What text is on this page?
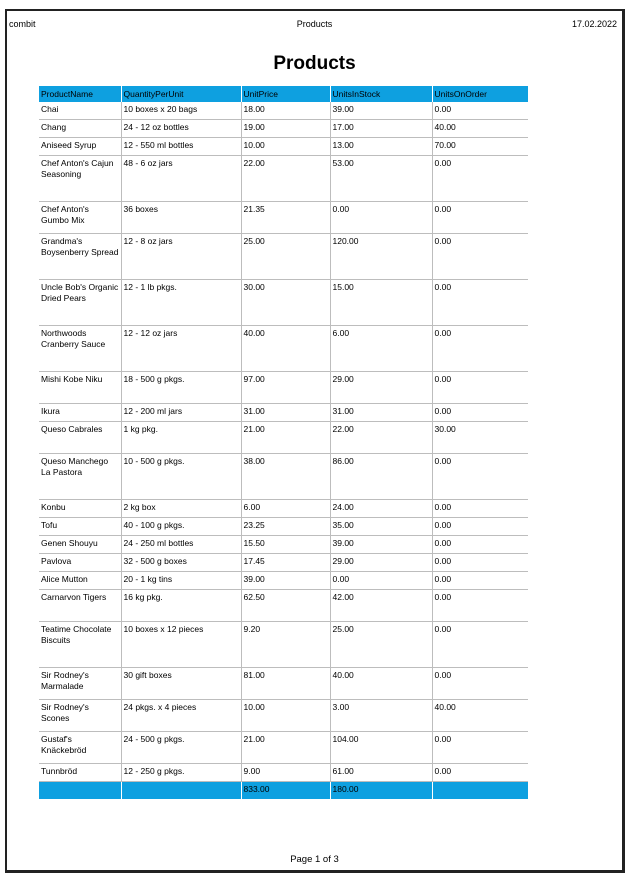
combit	Products	17.02.2022
Products
ProductName	QuantityPerUnit	UnitPrice	UnitsInStock	UnitsOnOrder
Chai	10 boxes x 20 bags	18.00	39.00	0.00
Chang	24 - 12 oz bottles	19.00	17.00	40.00
Aniseed Syrup	12 - 550 ml bottles	10.00	13.00	70.00
Chef Anton's Cajun Seasoning	48 - 6 oz jars	22.00	53.00	0.00
Chef Anton's Gumbo Mix	36 boxes	21.35	0.00	0.00
Grandma's Boysenberry Spread	12 - 8 oz jars	25.00	120.00	0.00
Uncle Bob's Organic Dried Pears	12 - 1 lb pkgs.	30.00	15.00	0.00
Northwoods Cranberry Sauce	12 - 12 oz jars	40.00	6.00	0.00
Mishi Kobe Niku	18 - 500 g pkgs.	97.00	29.00	0.00
Ikura	12 - 200 ml jars	31.00	31.00	0.00
Queso Cabrales	1 kg pkg.	21.00	22.00	30.00
Queso Manchego La Pastora	10 - 500 g pkgs.	38.00	86.00	0.00
Konbu	2 kg box	6.00	24.00	0.00
Tofu	40 - 100 g pkgs.	23.25	35.00	0.00
Genen Shouyu	24 - 250 ml bottles	15.50	39.00	0.00
Pavlova	32 - 500 g boxes	17.45	29.00	0.00
Alice Mutton	20 - 1 kg tins	39.00	0.00	0.00
Carnarvon Tigers	16 kg pkg.	62.50	42.00	0.00
Teatime Chocolate Biscuits	10 boxes x 12 pieces	9.20	25.00	0.00
Sir Rodney's Marmalade	30 gift boxes	81.00	40.00	0.00
Sir Rodney's Scones	24 pkgs. x 4 pieces	10.00	3.00	40.00
Gustaf's Knäckebröd	24 - 500 g pkgs.	21.00	104.00	0.00
Tunnbröd	12 - 250 g pkgs.	9.00	61.00	0.00
		833.00	180.00	
Page 1 of 3
